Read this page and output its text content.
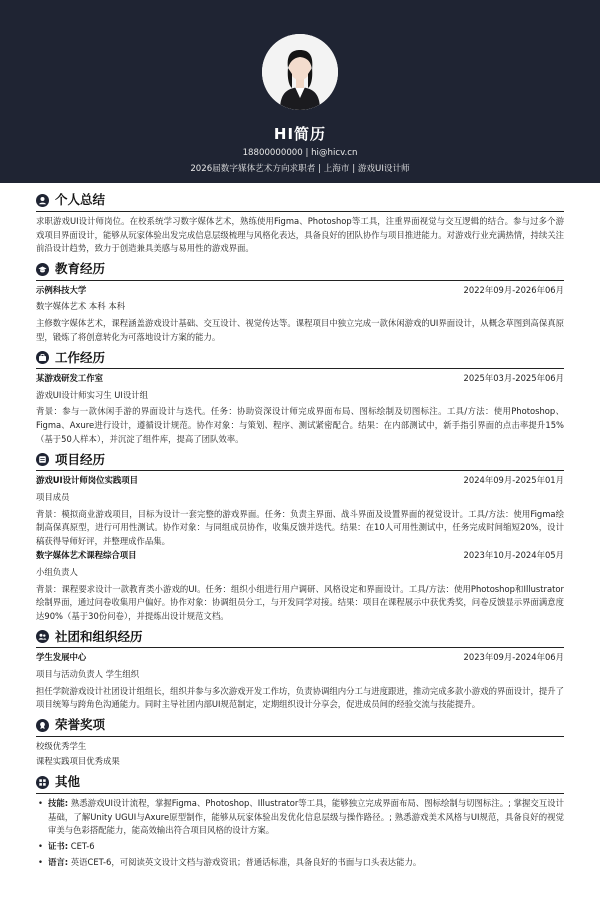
HI简历
18800000000 | hi@hicv.cn
2026届数字媒体艺术方向求职者 | 上海市 | 游戏UI设计师
个人总结
求职游戏UI设计师岗位。在校系统学习数字媒体艺术，熟练使用Figma、Photoshop等工具，注重界面视觉与交互逻辑的结合。参与过多个游戏项目界面设计，能够从玩家体验出发完成信息层级梳理与风格化表达，具备良好的团队协作与项目推进能力。对游戏行业充满热情，持续关注前沿设计趋势，致力于创造兼具美感与易用性的游戏界面。
教育经历
示例科技大学	2022年09月-2026年06月
数字媒体艺术 本科 本科
主修数字媒体艺术，课程涵盖游戏设计基础、交互设计、视觉传达等。课程项目中独立完成一款休闲游戏的UI界面设计，从概念草图到高保真原型，锻炼了将创意转化为可落地设计方案的能力。
工作经历
某游戏研发工作室	2025年03月-2025年06月
游戏UI设计师实习生 UI设计组
背景：参与一款休闲手游的界面设计与迭代。任务：协助资深设计师完成界面布局、图标绘制及切图标注。工具/方法：使用Photoshop、Figma、Axure进行设计，遵循设计规范。协作对象：与策划、程序、测试紧密配合。结果：在内部测试中，新手指引界面的点击率提升15%（基于50人样本），并沉淀了组件库，提高了团队效率。
项目经历
游戏UI设计师岗位实践项目	2024年09月-2025年01月
项目成员
背景：模拟商业游戏项目，目标为设计一套完整的游戏界面。任务：负责主界面、战斗界面及设置界面的视觉设计。工具/方法：使用Figma绘制高保真原型，进行可用性测试。协作对象：与同组成员协作，收集反馈并迭代。结果：在10人可用性测试中，任务完成时间缩短20%，设计稿获得导师好评，并整理成作品集。
数字媒体艺术课程综合项目	2023年10月-2024年05月
小组负责人
背景：课程要求设计一款教育类小游戏的UI。任务：组织小组进行用户调研、风格设定和界面设计。工具/方法：使用Photoshop和Illustrator绘制界面，通过问卷收集用户偏好。协作对象：协调组员分工，与开发同学对接。结果：项目在课程展示中获优秀奖，问卷反馈显示界面满意度达90%（基于30份问卷），并提炼出设计规范文档。
社团和组织经历
学生发展中心	2023年09月-2024年06月
项目与活动负责人 学生组织
担任学院游戏设计社团设计组组长，组织并参与多次游戏开发工作坊，负责协调组内分工与进度跟进，推动完成多款小游戏的界面设计，提升了项目统筹与跨角色沟通能力。同时主导社团内部UI规范制定，定期组织设计分享会，促进成员间的经验交流与技能提升。
荣誉奖项
校级优秀学生
课程实践项目优秀成果
其他
• 技能: 熟悉游戏UI设计流程，掌握Figma、Photoshop、Illustrator等工具，能够独立完成界面布局、图标绘制与切图标注。; 掌握交互设计基础，了解Unity UGUI与Axure原型制作，能够从玩家体验出发优化信息层级与操作路径。; 熟悉游戏美术风格与UI规范，具备良好的视觉审美与色彩搭配能力，能高效输出符合项目风格的设计方案。
• 证书: CET-6
• 语言: 英语CET-6，可阅读英文设计文档与游戏资讯；普通话标准，具备良好的书面与口头表达能力。
